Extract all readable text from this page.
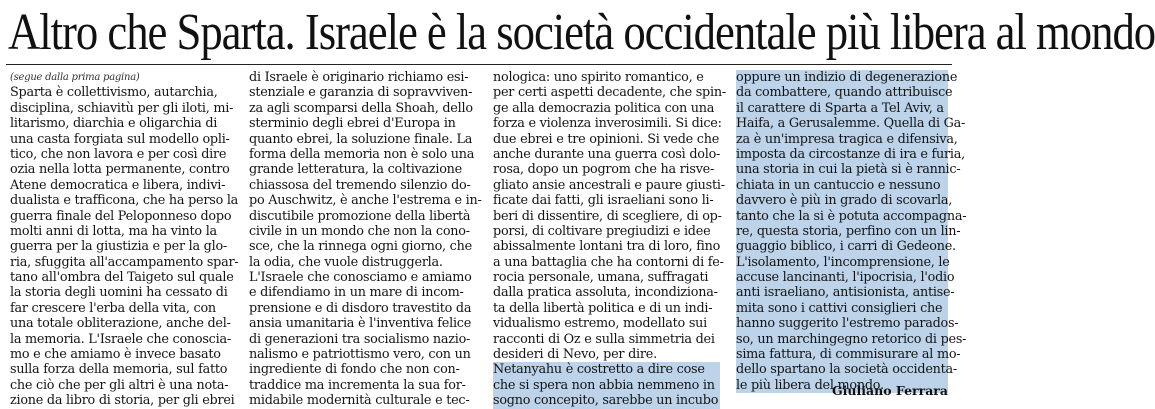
Altro che Sparta. Israele è la società occidentale più libera al mondo
(segue dalla prima pagina)
Sparta è collettivismo, autarchia,
disciplina, schiavitù per gli iloti, mi-
litarismo, diarchia e oligarchia di
una casta forgiata sul modello opli-
tico, che non lavora e per così dire
ozia nella lotta permanente, contro
Atene democratica e libera, indivi-
dualista e trafficona, che ha perso la
guerra finale del Peloponneso dopo
molti anni di lotta, ma ha vinto la
guerra per la giustizia e per la glo-
ria, sfuggita all'accampamento spar-
tano all'ombra del Taigeto sul quale
la storia degli uomini ha cessato di
far crescere l'erba della vita, con
una totale obliterazione, anche del-
la memoria. L'Israele che conoscia-
mo e che amiamo è invece basato
sulla forza della memoria, sul fatto
che ciò che per gli altri è una nota-
zione da libro di storia, per gli ebrei
di Israele è originario richiamo esi-
stenziale e garanzia di sopravviven-
za agli scomparsi della Shoah, dello
sterminio degli ebrei d'Europa in
quanto ebrei, la soluzione finale. La
forma della memoria non è solo una
grande letteratura, la coltivazione
chiassosa del tremendo silenzio do-
po Auschwitz, è anche l'estrema e in-
discutibile promozione della libertà
civile in un mondo che non la cono-
sce, che la rinnega ogni giorno, che
la odia, che vuole distruggerla.
L'Israele che conosciamo e amiamo
e difendiamo in un mare di incom-
prensione e di disdoro travestito da
ansia umanitaria è l'inventiva felice
di generazioni tra socialismo nazio-
nalismo e patriottismo vero, con un
ingrediente di fondo che non con-
traddice ma incrementa la sua for-
midabile modernità culturale e tec-
nologica: uno spirito romantico, e
per certi aspetti decadente, che spin-
ge alla democrazia politica con una
forza e violenza inverosimili. Si dice:
due ebrei e tre opinioni. Si vede che
anche durante una guerra così dolo-
rosa, dopo un pogrom che ha risve-
gliato ansie ancestrali e paure giusti-
ficate dai fatti, gli israeliani sono li-
beri di dissentire, di scegliere, di op-
porsi, di coltivare pregiudizi e idee
abissalmente lontani tra di loro, fino
a una battaglia che ha contorni di fe-
rocia personale, umana, suffragati
dalla pratica assoluta, incondiziona-
ta della libertà politica e di un indi-
vidualismo estremo, modellato sui
racconti di Oz e sulla simmetria dei
desideri di Nevo, per dire.
Netanyahu è costretto a dire cose
che si spera non abbia nemmeno in
sogno concepito, sarebbe un incubo
oppure un indizio di degenerazione
da combattere, quando attribuisce
il carattere di Sparta a Tel Aviv, a
Haifa, a Gerusalemme. Quella di Ga-
za è un'impresa tragica e difensiva,
imposta da circostanze di ira e furia,
una storia in cui la pietà si è rannic-
chiata in un cantuccio e nessuno
davvero è più in grado di scovarla,
tanto che la si è potuta accompagna-
re, questa storia, perfino con un lin-
guaggio biblico, i carri di Gedeone.
L'isolamento, l'incomprensione, le
accuse lancinanti, l'ipocrisia, l'odio
anti israeliano, antisionista, antise-
mita sono i cattivi consiglieri che
hanno suggerito l'estremo parados-
so, un marchingegno retorico di pes-
sima fattura, di commisurare al mo-
dello spartano la società occidenta-
le più libera del mondo.
Giuliano Ferrara
